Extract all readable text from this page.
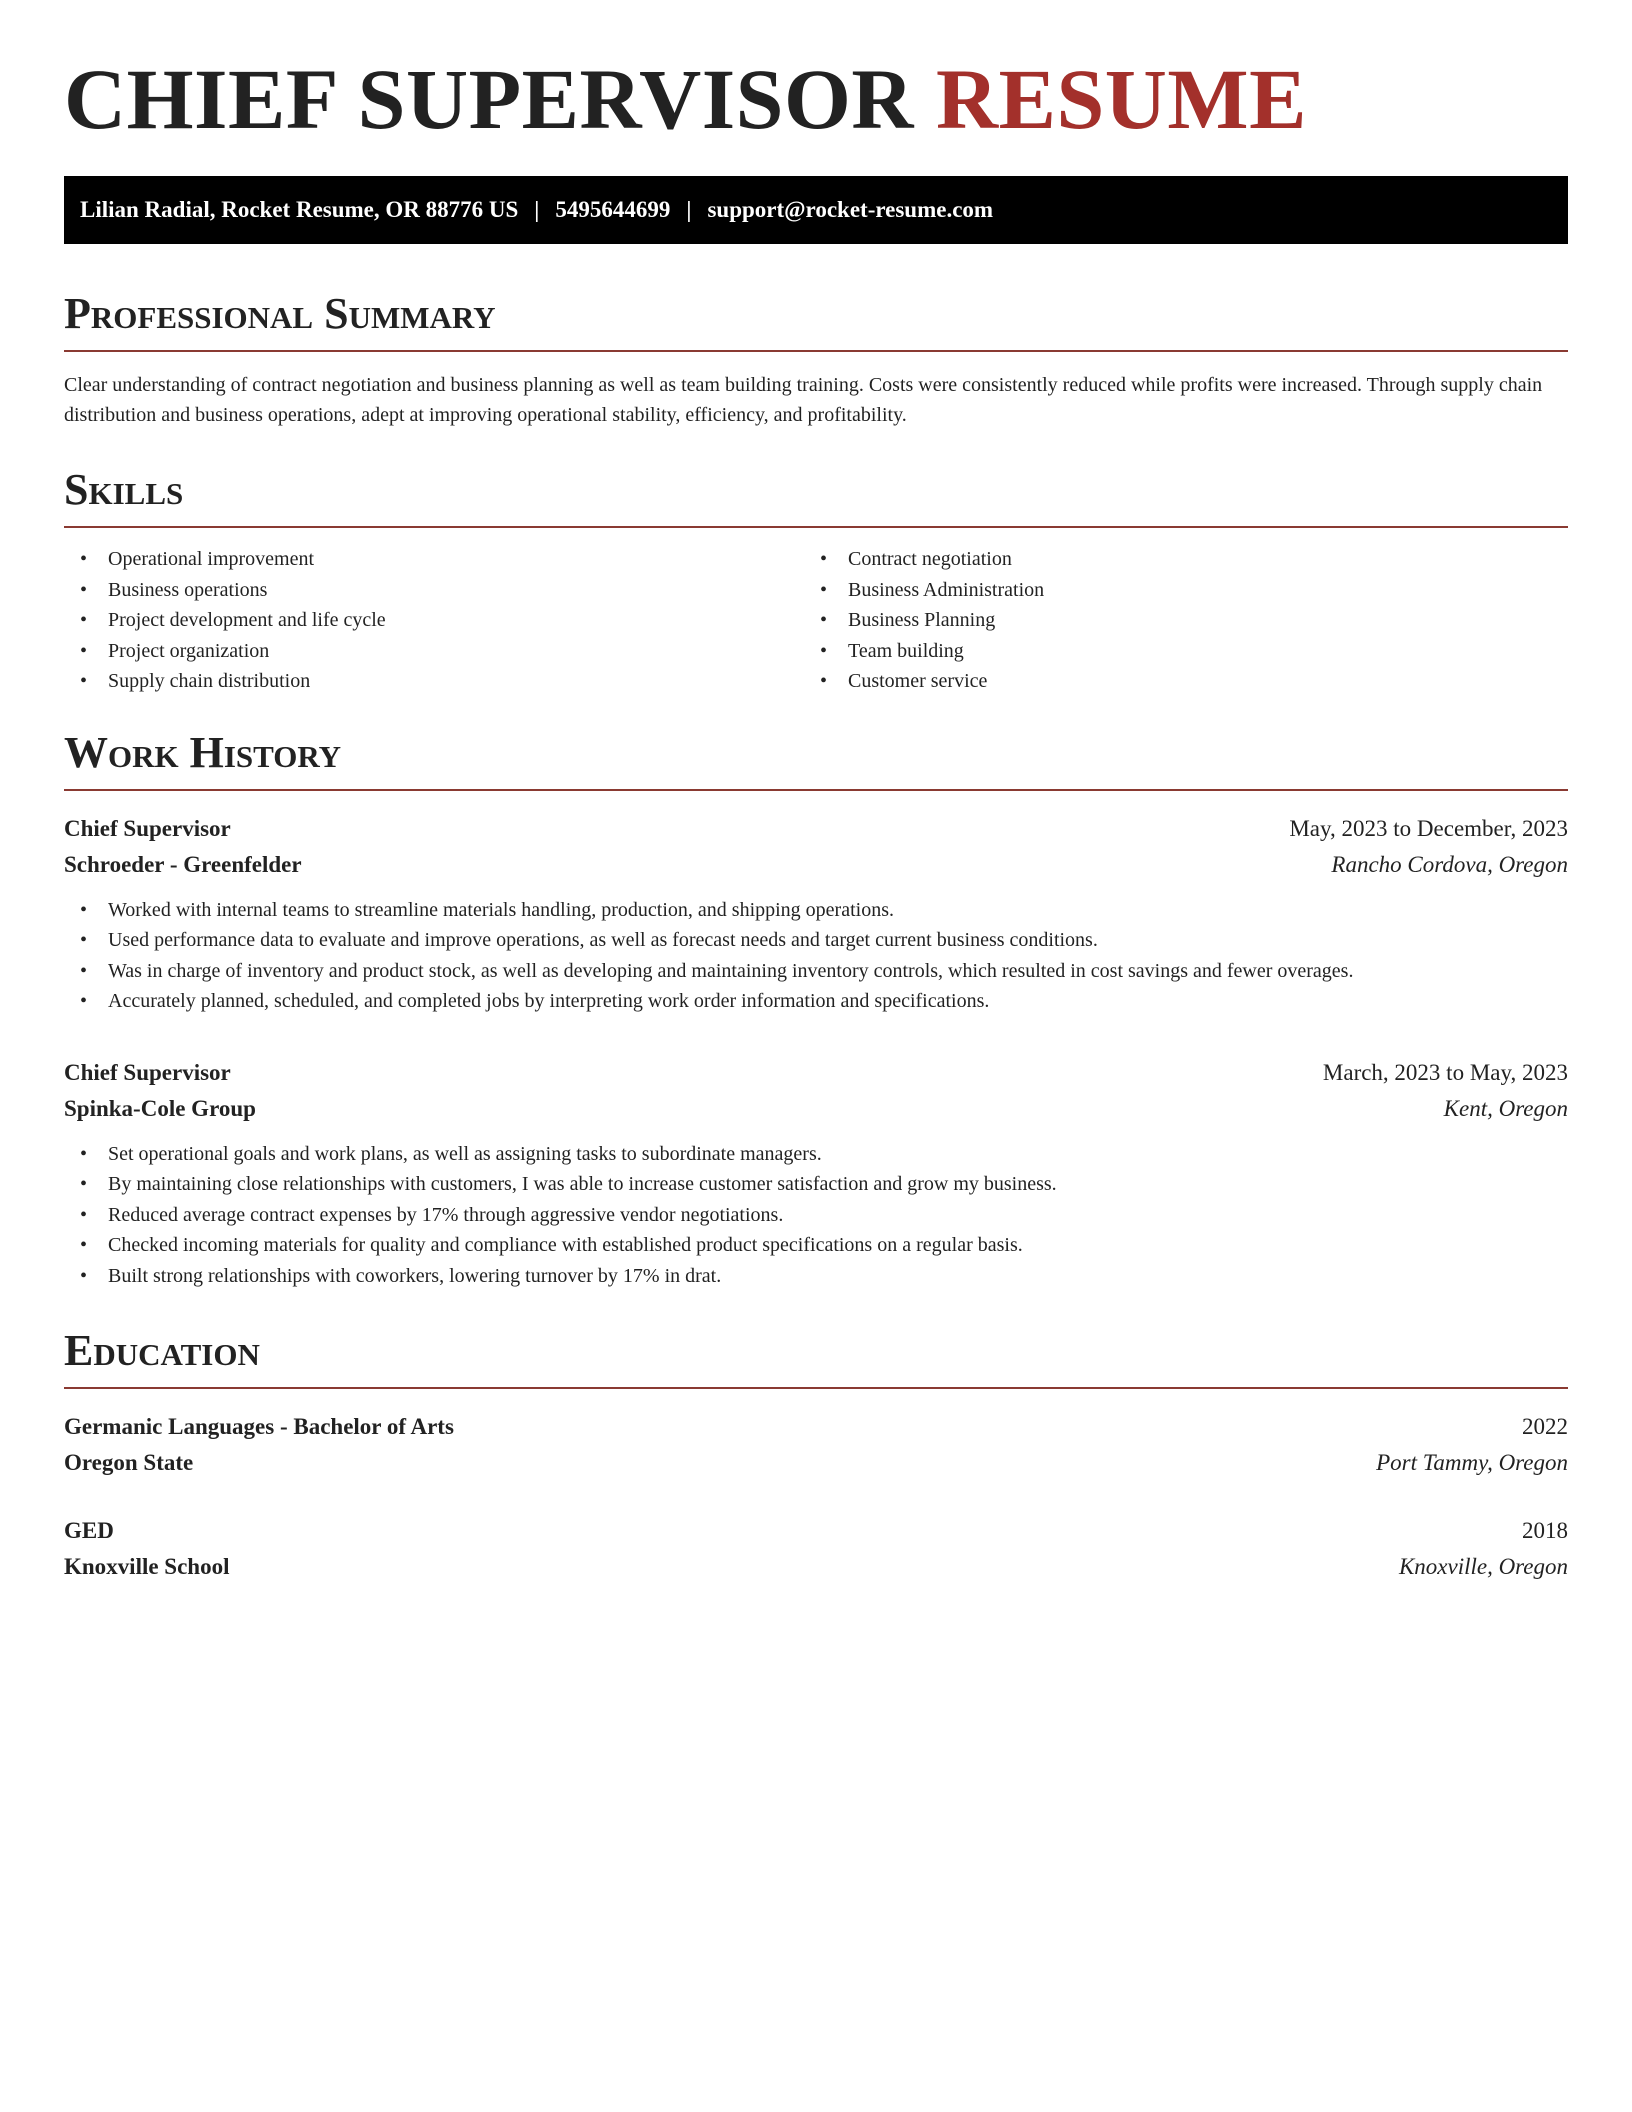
CHIEF SUPERVISOR RESUME
Lilian Radial, Rocket Resume, OR 88776 US | 5495644699 | support@rocket-resume.com
Professional Summary

Clear understanding of contract negotiation and business planning as well as team building training. Costs were consistently reduced while profits were increased. Through supply chain distribution and business operations, adept at improving operational stability, efficiency, and profitability.

Skills
• Operational improvement
• Business operations
• Project development and life cycle
• Project organization
• Supply chain distribution
• Contract negotiation
• Business Administration
• Business Planning
• Team building
• Customer service
Work History
Chief Supervisor	May, 2023 to December, 2023
Schroeder - Greenfelder	Rancho Cordova, Oregon
• Worked with internal teams to streamline materials handling, production, and shipping operations.
• Used performance data to evaluate and improve operations, as well as forecast needs and target current business conditions.
• Was in charge of inventory and product stock, as well as developing and maintaining inventory controls, which resulted in cost savings and fewer overages.
• Accurately planned, scheduled, and completed jobs by interpreting work order information and specifications.
Chief Supervisor	March, 2023 to May, 2023
Spinka-Cole Group	Kent, Oregon
• Set operational goals and work plans, as well as assigning tasks to subordinate managers.
• By maintaining close relationships with customers, I was able to increase customer satisfaction and grow my business.
• Reduced average contract expenses by 17% through aggressive vendor negotiations.
• Checked incoming materials for quality and compliance with established product specifications on a regular basis.
• Built strong relationships with coworkers, lowering turnover by 17% in drat.
Education
Germanic Languages - Bachelor of Arts	2022
Oregon State	Port Tammy, Oregon
GED	2018
Knoxville School	Knoxville, Oregon
